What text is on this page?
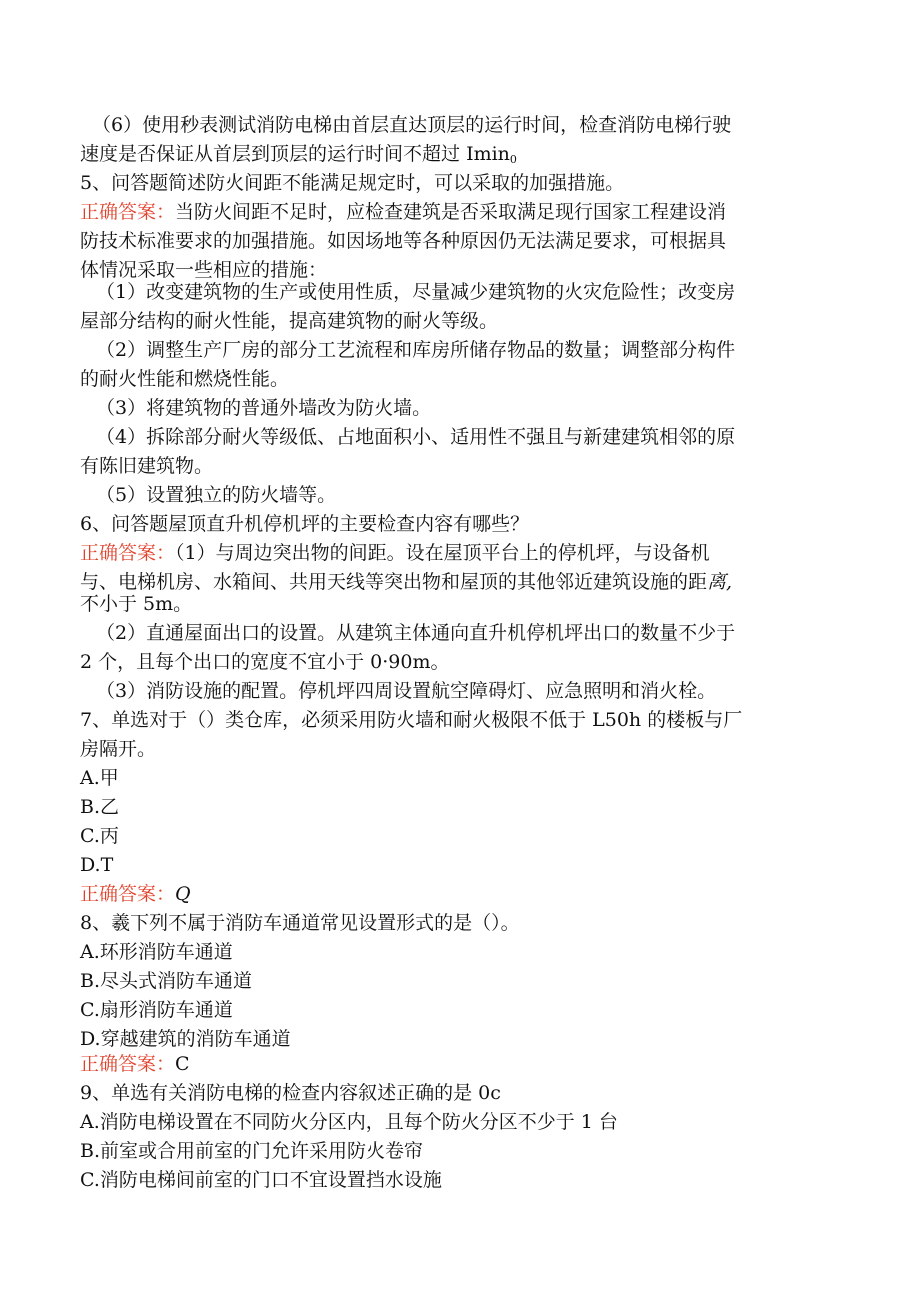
（6）使用秒表测试消防电梯由首层直达顶层的运行时间，检查消防电梯行驶
速度是否保证从首层到顶层的运行时间不超过 Imin$_0$
5、问答题简述防火间距不能满足规定时，可以采取的加强措施。
正确答案：当防火间距不足时，应检查建筑是否采取满足现行国家工程建设消
防技术标准要求的加强措施。如因场地等各种原因仍无法满足要求，可根据具
体情况采取一些相应的措施：
（1）改变建筑物的生产或使用性质，尽量减少建筑物的火灾危险性；改变房
屋部分结构的耐火性能，提高建筑物的耐火等级。
（2）调整生产厂房的部分工艺流程和库房所储存物品的数量；调整部分构件
的耐火性能和燃烧性能。
（3）将建筑物的普通外墙改为防火墙。
（4）拆除部分耐火等级低、占地面积小、适用性不强且与新建建筑相邻的原
有陈旧建筑物。
（5）设置独立的防火墙等。
6、问答题屋顶直升机停机坪的主要检查内容有哪些？
正确答案：（1）与周边突出物的间距。设在屋顶平台上的停机坪，与设备机
与、电梯机房、水箱间、共用天线等突出物和屋顶的其他邻近建筑设施的距离,
不小于 5m。
（2）直通屋面出口的设置。从建筑主体通向直升机停机坪出口的数量不少于
2 个，且每个出口的宽度不宜小于 0·90m。
（3）消防设施的配置。停机坪四周设置航空障碍灯、应急照明和消火栓。
7、单选对于（）类仓库，必须采用防火墙和耐火极限不低于 L50h 的楼板与厂
房隔开。
A.甲
B.乙
C.丙
D.T
正确答案：Q
8、羲下列不属于消防车通道常见设置形式的是（）。
A.环形消防车通道
B.尽头式消防车通道
C.扇形消防车通道
D.穿越建筑的消防车通道
正确答案：C
9、单选有关消防电梯的检查内容叙述正确的是 0c
A.消防电梯设置在不同防火分区内，且每个防火分区不少于 1 台
B.前室或合用前室的门允许采用防火卷帘
C.消防电梯间前室的门口不宜设置挡水设施
